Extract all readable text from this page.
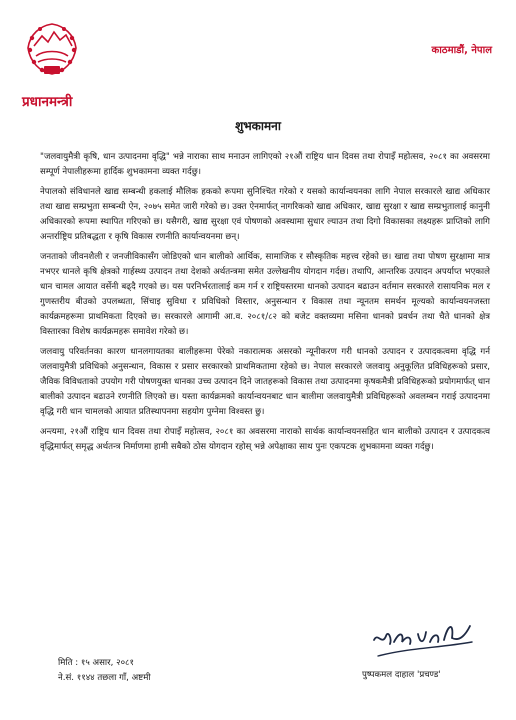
प्रधानमन्त्री
काठमाडौं, नेपाल
शुभकामना

"जलवायुमैत्री कृषि, धान उत्पादनमा वृद्धि" भन्ने नाराका साथ मनाउन लागिएको २१औं राष्ट्रिय धान दिवस तथा रोपाइँ महोत्सव, २०८१ का अवसरमा सम्पूर्ण नेपालीहरूमा हार्दिक शुभकामना व्यक्त गर्दछु।

नेपालको संविधानले खाद्य सम्बन्धी हकलाई मौलिक हकको रूपमा सुनिश्चित गरेको र यसको कार्यान्वयनका लागि नेपाल सरकारले खाद्य अधिकार तथा खाद्य सम्प्रभुता सम्बन्धी ऐन, २०७५ समेत जारी गरेको छ। उक्त ऐनमार्फत् नागरिकको खाद्य अधिकार, खाद्य सुरक्षा र खाद्य सम्प्रभुतालाई कानुनी अधिकारको रूपमा स्थापित गरिएको छ। यसैगरी, खाद्य सुरक्षा एवं पोषणको अवस्थामा सुधार ल्याउन तथा दिगो विकासका लक्ष्यहरू प्राप्तिको लागि अन्तर्राष्ट्रिय प्रतिबद्धता र कृषि विकास रणनीति कार्यान्वयनमा छन्।

जनताको जीवनशैली र जनजीविकासँग जोडिएको धान बालीको आर्थिक, सामाजिक र सौस्कृतिक महत्त्व रहेको छ। खाद्य तथा पोषण सुरक्षामा मात्र नभएर धानले कृषि क्षेत्रको गार्हस्थ्य उत्पादन तथा देशको अर्थतन्त्रमा समेत उल्लेखनीय योगदान गर्दछ। तथापि, आन्तरिक उत्पादन अपर्याप्त भएकाले धान चामल आयात वर्सेनी बढ्दै गएको छ। यस परनिर्भरतालाई कम गर्न र राष्ट्रियस्तरमा धानको उत्पादन बढाउन वर्तमान सरकारले रासायनिक मल र गुणस्तरीय बीउको उपलब्धता, सिंचाइ सुविधा र प्रविधिको विस्तार, अनुसन्धान र विकास तथा न्यूनतम समर्थन मूल्यको कार्यान्वयनजस्ता कार्यक्रमहरूमा प्राथमिकता दिएको छ। सरकारले आगामी आ.व. २०८१/८२ को बजेट वक्तव्यमा मसिना धानको प्रवर्धन तथा चैते धानको क्षेत्र विस्तारका विशेष कार्यक्रमहरू समावेश गरेको छ।

जलवायु परिवर्तनका कारण धानलगायतका बालीहरूमा पेरेको नकारात्मक असरको न्यूनीकरण गरी धानको उत्पादन र उत्पादकत्वमा वृद्धि गर्न जलवायुमैत्री प्रविधिको अनुसन्धान, विकास र प्रसार सरकारको प्राथमिकतामा रहेको छ। नेपाल सरकारले जलवायु अनुकूलित प्रविधिहरूको प्रसार, जैविक विविधताको उपयोग गरी पोषणयुक्त धानका उच्च उत्पादन दिने जातहरूको विकास तथा उत्पादनमा कृषकमैत्री प्रविधिहरूको प्रयोगमार्फत् धान बालीको उत्पादन बढाउने रणनीति लिएको छ। यस्ता कार्यक्रमको कार्यान्वयनबाट धान बालीमा जलवायुमैत्री प्रविधिहरूको अवलम्बन गराई उत्पादनमा वृद्धि गरी धान चामलको आयात प्रतिस्थापनमा सहयोग पुग्नेमा विश्वस्त छु।

अन्त्यमा, २१औं राष्ट्रिय धान दिवस तथा रोपाइँ महोत्सव, २०८१ का अवसरमा नाराको सार्थक कार्यान्वयनसहित धान बालीको उत्पादन र उत्पादकत्व वृद्धिमार्फत् समृद्ध अर्थतन्त्र निर्माणमा हामी सबैको ठोस योगदान रहोस् भन्ने अपेक्षाका साथ पुनः एकपटक शुभकामना व्यक्त गर्दछु।

पुष्पकमल दाहाल 'प्रचण्ड'
मिति : १५ असार, २०८१
ने.सं. ११४४ तछला गाँ, अष्टमी
